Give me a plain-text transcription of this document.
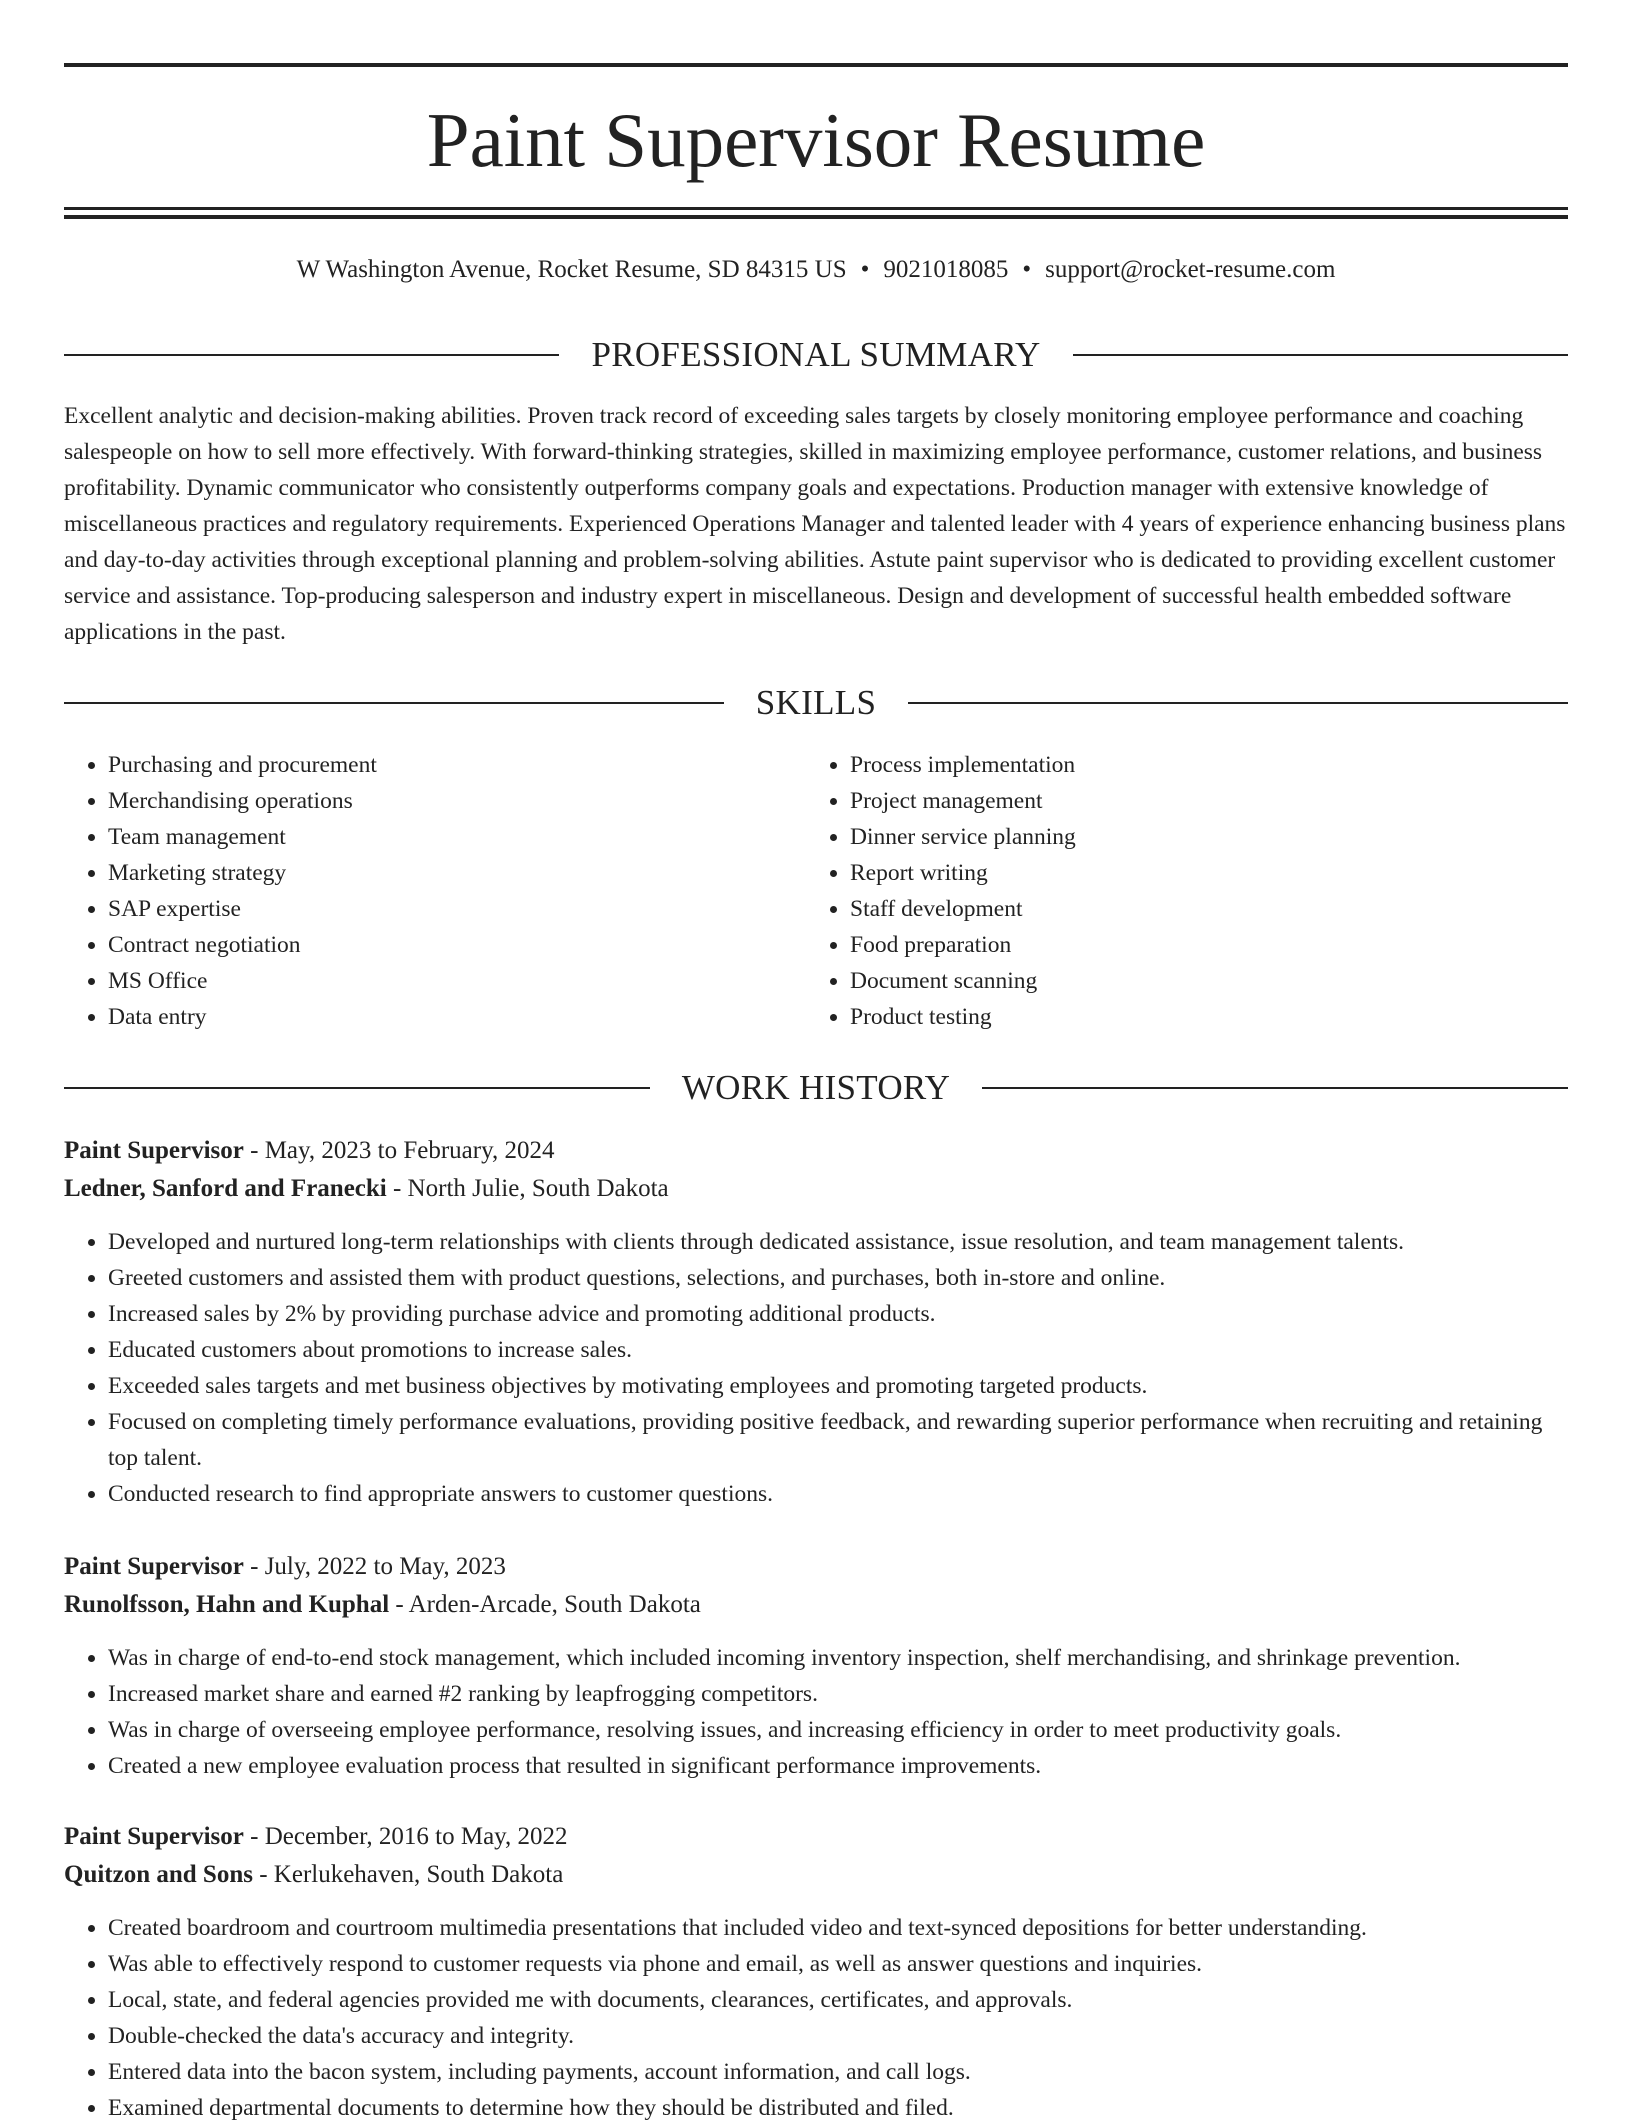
Paint Supervisor Resume
W Washington Avenue, Rocket Resume, SD 84315 US • 9021018085 • support@rocket-resume.com
PROFESSIONAL SUMMARY

Excellent analytic and decision-making abilities. Proven track record of exceeding sales targets by closely monitoring employee performance and coaching salespeople on how to sell more effectively. With forward-thinking strategies, skilled in maximizing employee performance, customer relations, and business profitability. Dynamic communicator who consistently outperforms company goals and expectations. Production manager with extensive knowledge of miscellaneous practices and regulatory requirements. Experienced Operations Manager and talented leader with 4 years of experience enhancing business plans and day-to-day activities through exceptional planning and problem-solving abilities. Astute paint supervisor who is dedicated to providing excellent customer service and assistance. Top-producing salesperson and industry expert in miscellaneous. Design and development of successful health embedded software applications in the past.

SKILLS
• Purchasing and procurement
• Merchandising operations
• Team management
• Marketing strategy
• SAP expertise
• Contract negotiation
• MS Office
• Data entry
• Process implementation
• Project management
• Dinner service planning
• Report writing
• Staff development
• Food preparation
• Document scanning
• Product testing
WORK HISTORY

Paint Supervisor - May, 2023 to February, 2024

Ledner, Sanford and Franecki - North Julie, South Dakota

• Developed and nurtured long-term relationships with clients through dedicated assistance, issue resolution, and team management talents.
• Greeted customers and assisted them with product questions, selections, and purchases, both in-store and online.
• Increased sales by 2% by providing purchase advice and promoting additional products.
• Educated customers about promotions to increase sales.
• Exceeded sales targets and met business objectives by motivating employees and promoting targeted products.
• Focused on completing timely performance evaluations, providing positive feedback, and rewarding superior performance when recruiting and retaining top talent.
• Conducted research to find appropriate answers to customer questions.

Paint Supervisor - July, 2022 to May, 2023

Runolfsson, Hahn and Kuphal - Arden-Arcade, South Dakota

• Was in charge of end-to-end stock management, which included incoming inventory inspection, shelf merchandising, and shrinkage prevention.
• Increased market share and earned #2 ranking by leapfrogging competitors.
• Was in charge of overseeing employee performance, resolving issues, and increasing efficiency in order to meet productivity goals.
• Created a new employee evaluation process that resulted in significant performance improvements.

Paint Supervisor - December, 2016 to May, 2022

Quitzon and Sons - Kerlukehaven, South Dakota

• Created boardroom and courtroom multimedia presentations that included video and text-synced depositions for better understanding.
• Was able to effectively respond to customer requests via phone and email, as well as answer questions and inquiries.
• Local, state, and federal agencies provided me with documents, clearances, certificates, and approvals.
• Double-checked the data's accuracy and integrity.
• Entered data into the bacon system, including payments, account information, and call logs.
• Examined departmental documents to determine how they should be distributed and filed.
